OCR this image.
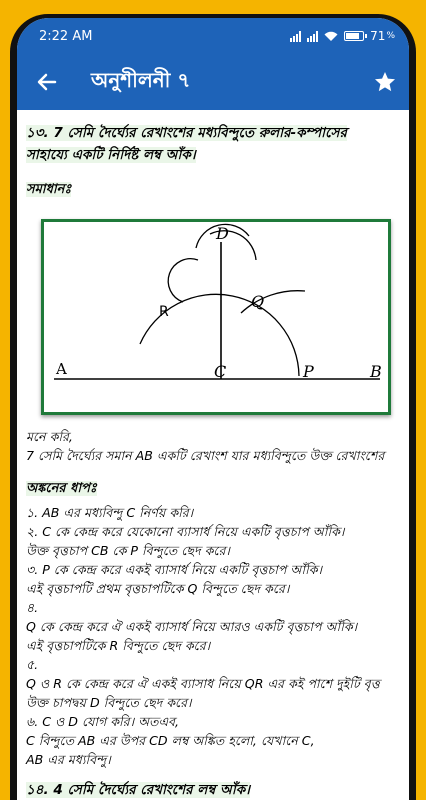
2:22 AM	71 %
অনুশীলনী ৭
১৩. 7 সেমি দৈর্ঘ্যের রেখাংশের মধ্যবিন্দুতে রুলার-কম্পাসের সাহায্যে একটি নির্দিষ্ট লম্ব আঁক।
সমাধানঃ
A	B
C	P
D
Q
R
মনে করি,
7 সেমি দৈর্ঘ্যের সমান AB একটি রেখাংশ যার মধ্যবিন্দুতে উক্ত রেখাংশের
অঙ্কনের ধাপঃ
১. AB এর মধ্যবিন্দু C নির্ণয় করি।
২. C কে কেন্দ্র করে যেকোনো ব্যাসার্ধ নিয়ে একটি বৃত্তচাপ আঁকি।
উক্ত বৃত্তচাপ CB কে P বিন্দুতে ছেদ করে।
৩. P কে কেন্দ্র করে একই ব্যাসার্ধ নিয়ে একটি বৃত্তচাপ আঁকি।
এই বৃত্তচাপটি প্রথম বৃত্তচাপটিকে Q বিন্দুতে ছেদ করে।
৪.
Q কে কেন্দ্র করে ঐ একই ব্যাসার্ধ নিয়ে আরও একটি বৃত্তচাপ আঁকি।
এই বৃত্তচাপটিকে R বিন্দুতে ছেদ করে।
৫.
Q ও R কে কেন্দ্র করে ঐ একই ব্যাসাধ নিয়ে QR এর কই পাশে দুইটি বৃত্ত
উক্ত চাপদ্বয় D বিন্দুতে ছেদ করে।
৬. C ও D যোগ করি। অতএব,
C বিন্দুতে AB এর উপর CD লম্ব অঙ্কিত হলো, যেখানে C,
AB এর মধ্যবিন্দু।
১৪. 4 সেমি দৈর্ঘ্যের রেখাংশের লম্ব আঁক।
